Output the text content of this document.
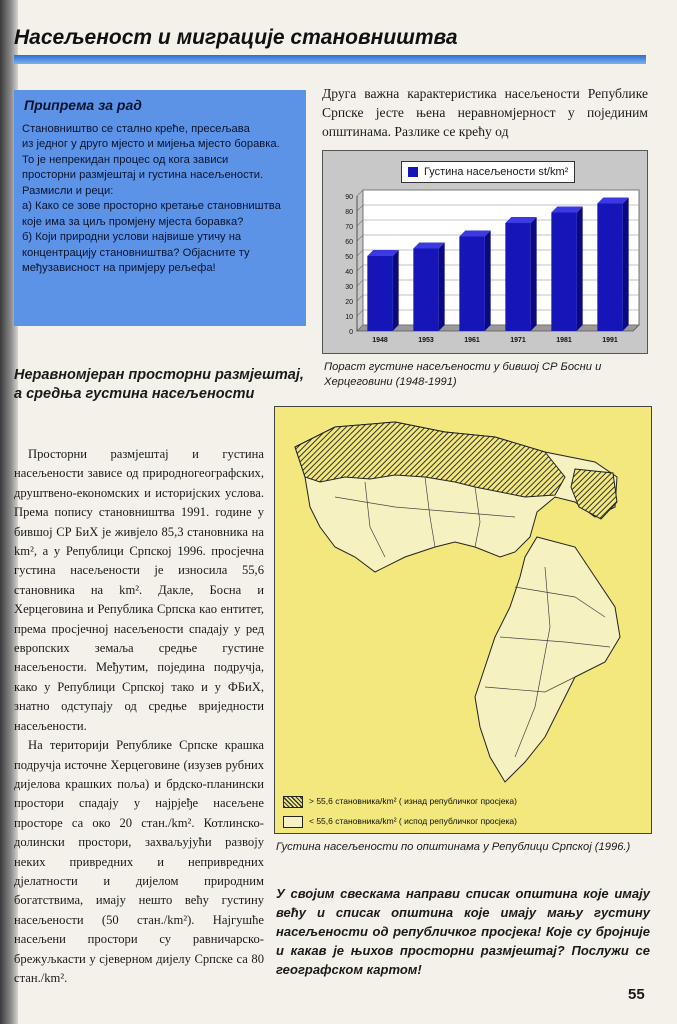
Насељеност и миграције становништва
Припрема за рад

Становништво се стално креће, пресељава

из једног у друго мјесто и мијења мјесто боравка.

То је непрекидан процес од кога зависи

просторни размјештај и густина насељености.

Размисли и реци:

а) Како се зове просторно кретање становништва

које има за циљ промјену мјеста боравка?

б) Који природни услови највише утичу на

концентрацију становништва? Објасните ту

међузависност на примјеру рељефа!

Друга важна карактеристика насељености Републике Српске јесте њена неравномјерност у појединим општинама. Разлике се крећу од
Густина насељености st/km²
0
10
20
30
40
50
60
70
80
90
1948	1953	1961	1971	1981	1991
Пораст густине насељености у бившој СР Босни и Херцеговини (1948-1991)
Неравномјеран просторни размјештај, а средња густина насељености

Просторни размјештај и густина насељености зависе од природногеографских, друштвено-економских и историјских услова. Према попису становништва 1991. године у бившој СР БиХ је живјело 85,3 становника на km², а у Републици Српској 1996. просјечна густина насељености је износила 55,6 становника на km². Дакле, Босна и Херцеговина и Република Српска као ентитет, према просјечној насељености спадају у ред европских земаља средње густине насељености. Међутим, поједина подручја, како у Републици Српској тако и у ФБиХ, знатно одступају од средње вриједности насељености.

На територији Републике Српске крашка подручја источне Херцеговине (изузев рубних дијелова крашких поља) и брдско-планински простори спадају у најрјеђе насељене просторе са око 20 стан./km². Котлинско-долински простори, захваљујући развоју неких привредних и непривредних дјелатности и дијелом природним богатствима, имају нешто већу густину насељености (50 стан./km²). Најгушће насељени простори су равничарско-брежуљкасти у сјеверном дијелу Српске са 80 стан./km².

> 55,6 становника/km² ( изнад републичког просјека)
< 55,6 становника/km² ( испод републичког просјека)
Густина насељености по општинама у Републици Српској (1996.)
У својим свескама направи списак општина које имају већу и списак општина које имају мању густину насељености од републичког просјека! Које су бројније и какав је њихов просторни размјештај? Послужи се географском картом!
55
